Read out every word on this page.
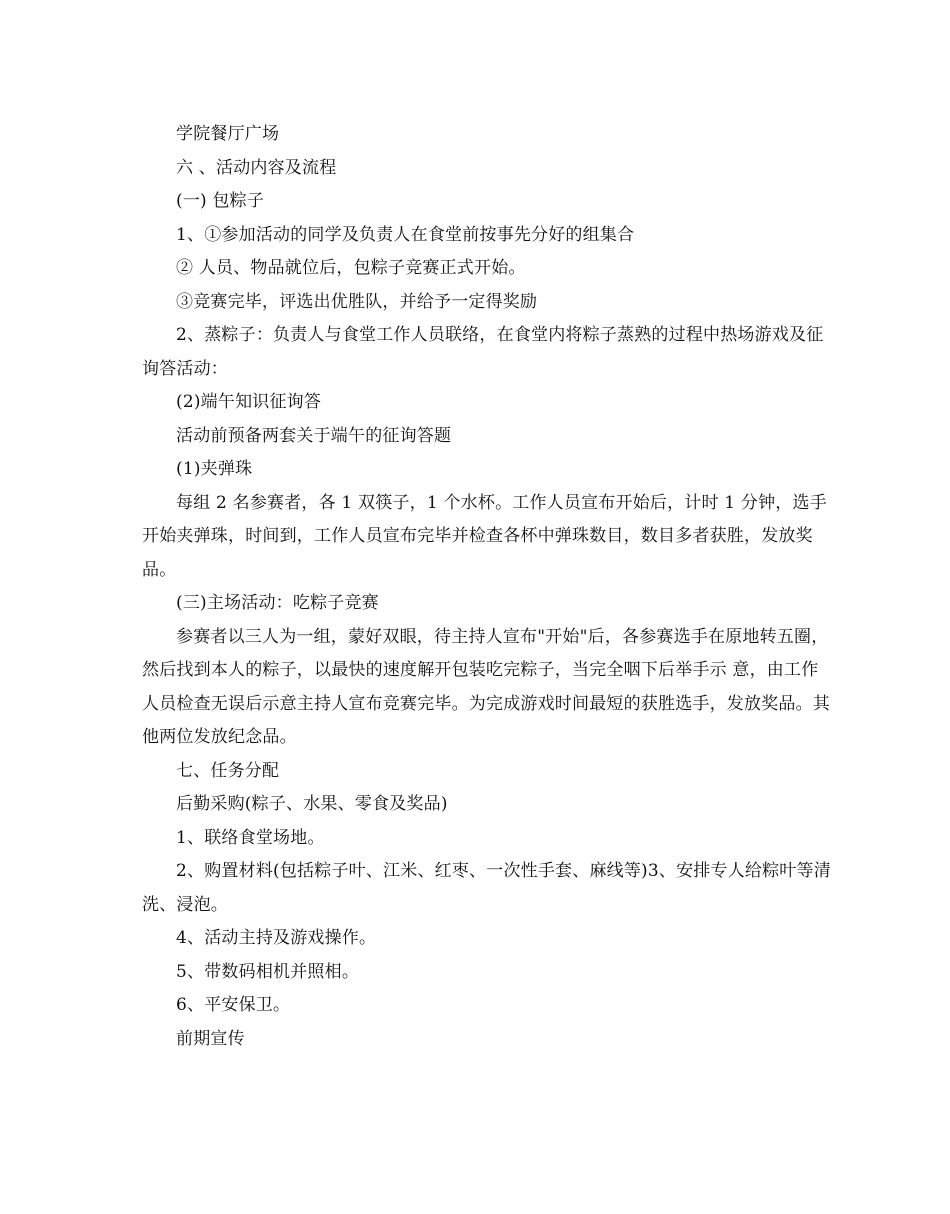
学院餐厅广场

六 、活动内容及流程

(一) 包粽子

1、①参加活动的同学及负责人在食堂前按事先分好的组集合

② 人员、物品就位后，包粽子竞赛正式开始。

③竞赛完毕，评选出优胜队，并给予一定得奖励

2、蒸粽子：负责人与食堂工作人员联络，在食堂内将粽子蒸熟的过程中热场游戏及征询答活动：

(2)端午知识征询答

活动前预备两套关于端午的征询答题

(1)夹弹珠

每组 2 名参赛者，各 1 双筷子，1 个水杯。工作人员宣布开始后，计时 1 分钟，选手开始夹弹珠，时间到，工作人员宣布完毕并检查各杯中弹珠数目，数目多者获胜，发放奖品。

(三)主场活动：吃粽子竞赛

参赛者以三人为一组，蒙好双眼，待主持人宣布"开始"后，各参赛选手在原地转五圈，然后找到本人的粽子，以最快的速度解开包装吃完粽子，当完全咽下后举手示 意，由工作人员检查无误后示意主持人宣布竞赛完毕。为完成游戏时间最短的获胜选手，发放奖品。其他两位发放纪念品。

七、任务分配

后勤采购(粽子、水果、零食及奖品)

1、联络食堂场地。

2、购置材料(包括粽子叶、江米、红枣、一次性手套、麻线等)3、安排专人给粽叶等清洗、浸泡。

4、活动主持及游戏操作。

5、带数码相机并照相。

6、平安保卫。

前期宣传
